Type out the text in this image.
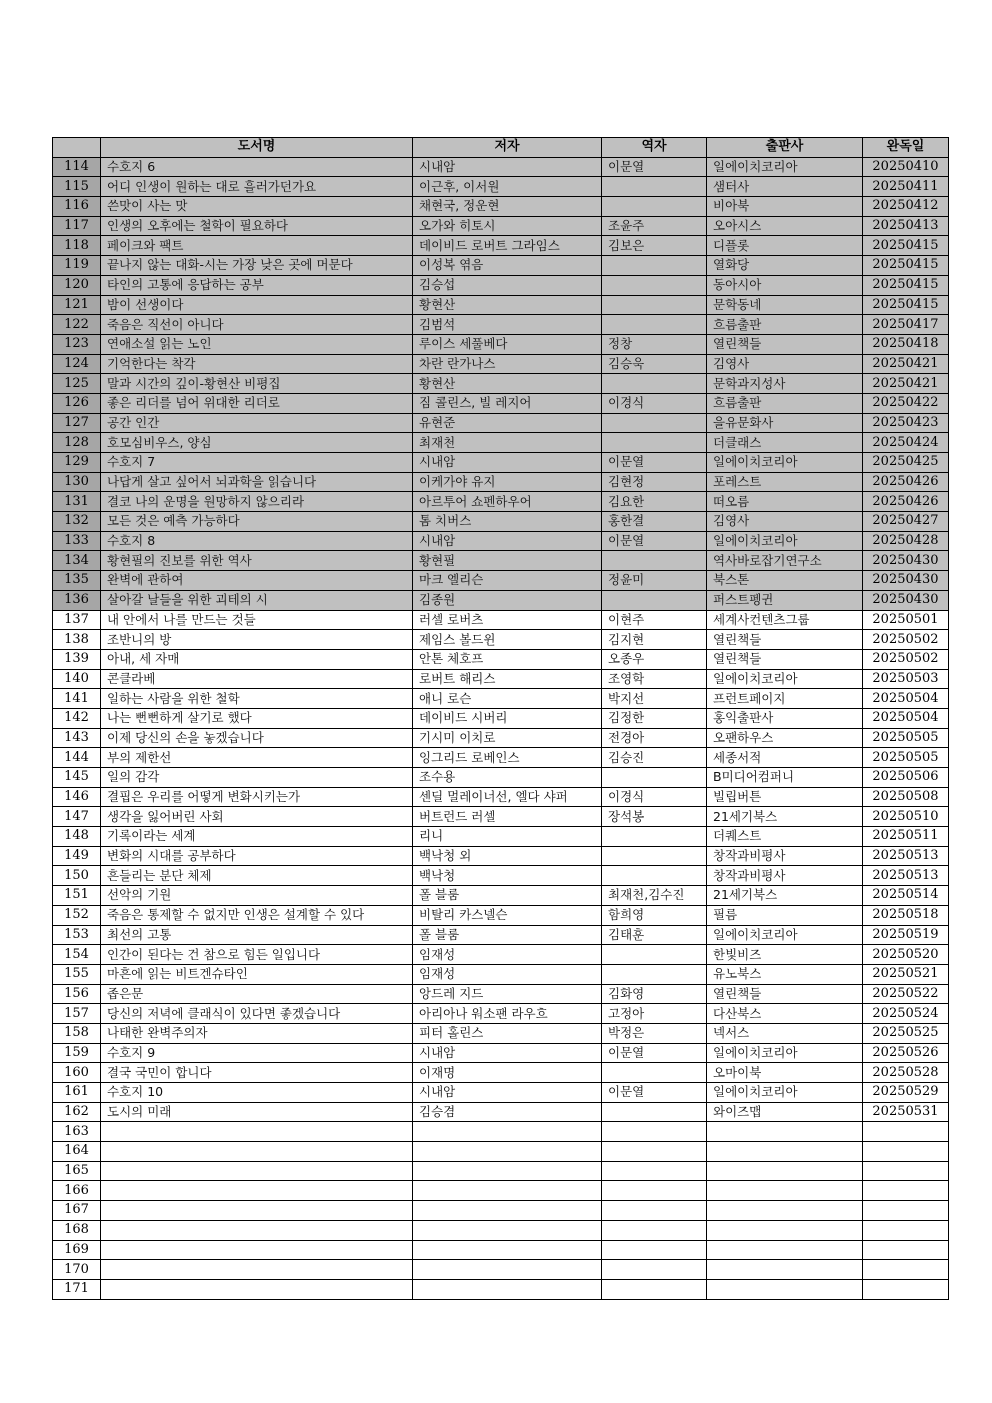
	도서명	저자	역자	출판사	완독일
114	수호지 6	시내암	이문열	일에이치코리아	20250410
115	어디 인생이 원하는 대로 흘러가던가요	이근후, 이서원		샘터사	20250411
116	쓴맛이 사는 맛	채현국, 정운현		비아북	20250412
117	인생의 오후에는 철학이 필요하다	오가와 히토시	조윤주	오아시스	20250413
118	페이크와 팩트	데이비드 로버트 그라임스	김보은	디플롯	20250415
119	끝나지 않는 대화-시는 가장 낮은 곳에 머문다	이성복 엮음		열화당	20250415
120	타인의 고통에 응답하는 공부	김승섭		동아시아	20250415
121	밤이 선생이다	황현산		문학동네	20250415
122	죽음은 직선이 아니다	김범석		흐름출판	20250417
123	연애소설 읽는 노인	루이스 세풀베다	정창	열린책들	20250418
124	기억한다는 착각	차란 란가나스	김승욱	김영사	20250421
125	말과 시간의 깊이-황현산 비평집	황현산		문학과지성사	20250421
126	좋은 리더를 넘어 위대한 리더로	짐 콜린스, 빌 레지어	이경식	흐름출판	20250422
127	공간 인간	유현준		을유문화사	20250423
128	호모심비우스, 양심	최재천		더클래스	20250424
129	수호지 7	시내암	이문열	일에이치코리아	20250425
130	나답게 살고 싶어서 뇌과학을 읽습니다	이케가야 유지	김현정	포레스트	20250426
131	결코 나의 운명을 원망하지 않으리라	아르투어 쇼펜하우어	김요한	떠오름	20250426
132	모든 것은 예측 가능하다	톰 치버스	홍한결	김영사	20250427
133	수호지 8	시내암	이문열	일에이치코리아	20250428
134	황현필의 진보를 위한 역사	황현필		역사바로잡기연구소	20250430
135	완벽에 관하여	마크 엘리슨	정윤미	북스톤	20250430
136	살아갈 날들을 위한 괴테의 시	김종원		퍼스트펭귄	20250430
137	내 안에서 나를 만드는 것들	러셀 로버츠	이현주	세계사컨텐츠그룹	20250501
138	조반니의 방	제임스 볼드윈	김지현	열린책들	20250502
139	아내, 세 자매	안톤 체호프	오종우	열린책들	20250502
140	콘클라베	로버트 해리스	조영학	일에이치코리아	20250503
141	일하는 사람을 위한 철학	애니 로슨	박지선	프런트페이지	20250504
142	나는 뻔뻔하게 살기로 했다	데이비드 시버리	김정한	홍익출판사	20250504
143	이제 당신의 손을 놓겠습니다	기시미 이치로	전경아	오팬하우스	20250505
144	부의 제한선	잉그리드 로베인스	김승진	세종서적	20250505
145	일의 감각	조수용		B미디어컴퍼니	20250506
146	결핍은 우리를 어떻게 변화시키는가	센딜 멀레이너선, 엘다 샤퍼	이경식	빌립버튼	20250508
147	생각을 잃어버린 사회	버트런드 러셀	장석봉	21세기북스	20250510
148	기록이라는 세계	리니		더퀘스트	20250511
149	변화의 시대를 공부하다	백낙청 외		창작과비평사	20250513
150	흔들리는 분단 체제	백낙청		창작과비평사	20250513
151	선악의 기원	폴 블룸	최재천,김수진	21세기북스	20250514
152	죽음은 통제할 수 없지만 인생은 설계할 수 있다	비탈리 카스넬슨	함희영	필름	20250518
153	최선의 고통	폴 블룸	김태훈	일에이치코리아	20250519
154	인간이 된다는 건 참으로 힘든 일입니다	임재성		한빛비즈	20250520
155	마흔에 읽는 비트겐슈타인	임재성		유노북스	20250521
156	좁은문	앙드레 지드	김화영	열린책들	20250522
157	당신의 저녁에 클래식이 있다면 좋겠습니다	아리아나 워소팬 라우흐	고정아	다산북스	20250524
158	나태한 완벽주의자	피터 홀린스	박정은	넥서스	20250525
159	수호지 9	시내암	이문열	일에이치코리아	20250526
160	결국 국민이 합니다	이재명		오마이북	20250528
161	수호지 10	시내암	이문열	일에이치코리아	20250529
162	도시의 미래	김승겸		와이즈맵	20250531
163					
164					
165					
166					
167					
168					
169					
170					
171					
